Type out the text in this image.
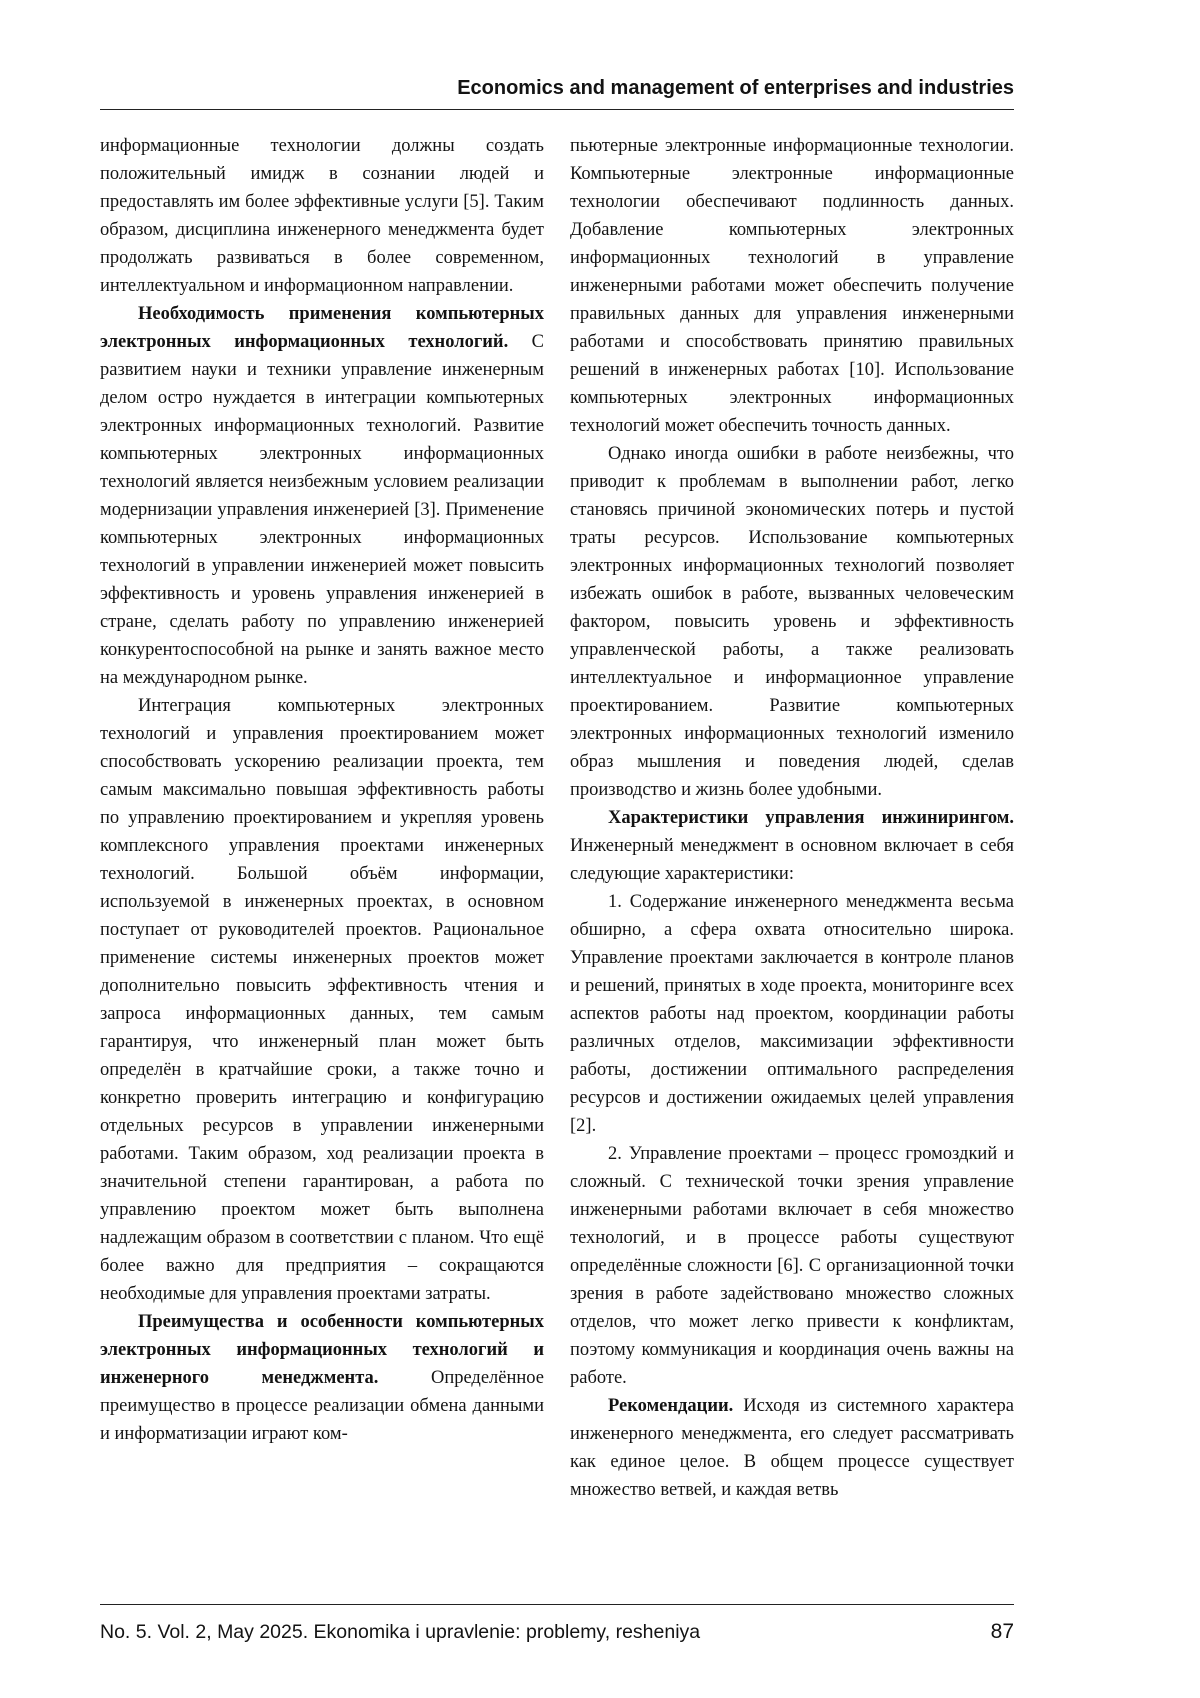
Economics and management of enterprises and industries

информационные технологии должны создать положительный имидж в сознании людей и предоставлять им более эффективные услуги [5]. Таким образом, дисциплина инженерного менеджмента будет продолжать развиваться в более современном, интеллектуальном и информационном направлении.

Необходимость применения компьютерных электронных информационных технологий. С развитием науки и техники управление инженерным делом остро нуждается в интеграции компьютерных электронных информационных технологий. Развитие компьютерных электронных информационных технологий является неизбежным условием реализации модернизации управления инженерией [3]. Применение компьютерных электронных информационных технологий в управлении инженерией может повысить эффективность и уровень управления инженерией в стране, сделать работу по управлению инженерией конкурентоспособной на рынке и занять важное место на международном рынке.

Интеграция компьютерных электронных технологий и управления проектированием может способствовать ускорению реализации проекта, тем самым максимально повышая эффективность работы по управлению проектированием и укрепляя уровень комплексного управления проектами инженерных технологий. Большой объём информации, используемой в инженерных проектах, в основном поступает от руководителей проектов. Рациональное применение системы инженерных проектов может дополнительно повысить эффективность чтения и запроса информационных данных, тем самым гарантируя, что инженерный план может быть определён в кратчайшие сроки, а также точно и конкретно проверить интеграцию и конфигурацию отдельных ресурсов в управлении инженерными работами. Таким образом, ход реализации проекта в значительной степени гарантирован, а работа по управлению проектом может быть выполнена надлежащим образом в соответствии с планом. Что ещё более важно для предприятия – сокращаются необходимые для управления проектами затраты.

Преимущества и особенности компьютерных электронных информационных технологий и инженерного менеджмента.	Определённое преимущество в процессе реализации обмена данными и информатизации играют ком-

пьютерные электронные информационные технологии. Компьютерные электронные информационные технологии обеспечивают подлинность данных. Добавление компьютерных электронных информационных технологий в управление инженерными работами может обеспечить получение правильных данных для управления инженерными работами и способствовать принятию правильных решений в инженерных работах [10]. Использование компьютерных электронных информационных технологий может обеспечить точность данных.

Однако иногда ошибки в работе неизбежны, что приводит к проблемам в выполнении работ, легко становясь причиной экономических потерь и пустой траты ресурсов. Использование компьютерных электронных информационных технологий позволяет избежать ошибок в работе, вызванных человеческим фактором, повысить уровень и эффективность управленческой работы, а также реализовать интеллектуальное и информационное управление проектированием. Развитие компьютерных электронных информационных технологий изменило образ мышления и поведения людей, сделав производство и жизнь более удобными.

Характеристики управления инжинирингом. Инженерный менеджмент в основном включает в себя следующие характеристики:

1. Содержание инженерного менеджмента весьма обширно, а сфера охвата относительно широка. Управление проектами заключается в контроле планов и решений, принятых в ходе проекта, мониторинге всех аспектов работы над проектом, координации работы различных отделов, максимизации эффективности работы, достижении оптимального распределения ресурсов и достижении ожидаемых целей управления [2].

2. Управление проектами – процесс громоздкий и сложный. С технической точки зрения управление инженерными работами включает в себя множество технологий, и в процессе работы существуют определённые сложности [6]. С организационной точки зрения в работе задействовано множество сложных отделов, что может легко привести к конфликтам, поэтому коммуникация и координация очень важны на работе.

Рекомендации. Исходя из системного характера инженерного менеджмента, его следует рассматривать как единое целое. В общем процессе существует множество ветвей, и каждая ветвь

No. 5. Vol. 2, May 2025. Ekonomika i upravlenie: problemy, resheniya	87
